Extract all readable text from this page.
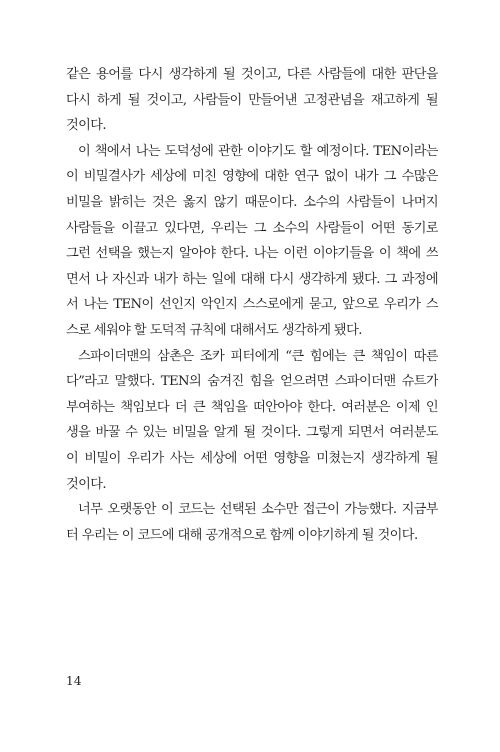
같은 용어를 다시 생각하게 될 것이고, 다른 사람들에 대한 판단을
다시 하게 될 것이고, 사람들이 만들어낸 고정관념을 재고하게 될
것이다.
이 책에서 나는 도덕성에 관한 이야기도 할 예정이다. TEN이라는
이 비밀결사가 세상에 미친 영향에 대한 연구 없이 내가 그 수많은
비밀을 밝히는 것은 옳지 않기 때문이다. 소수의 사람들이 나머지
사람들을 이끌고 있다면, 우리는 그 소수의 사람들이 어떤 동기로
그런 선택을 했는지 알아야 한다. 나는 이런 이야기들을 이 책에 쓰
면서 나 자신과 내가 하는 일에 대해 다시 생각하게 됐다. 그 과정에
서 나는 TEN이 선인지 악인지 스스로에게 묻고, 앞으로 우리가 스
스로 세워야 할 도덕적 규칙에 대해서도 생각하게 됐다.
스파이더맨의 삼촌은 조카 피터에게 “큰 힘에는 큰 책임이 따른
다”라고 말했다. TEN의 숨겨진 힘을 얻으려면 스파이더맨 슈트가
부여하는 책임보다 더 큰 책임을 떠안아야 한다. 여러분은 이제 인
생을 바꿀 수 있는 비밀을 알게 될 것이다. 그렇게 되면서 여러분도
이 비밀이 우리가 사는 세상에 어떤 영향을 미쳤는지 생각하게 될
것이다.
너무 오랫동안 이 코드는 선택된 소수만 접근이 가능했다. 지금부
터 우리는 이 코드에 대해 공개적으로 함께 이야기하게 될 것이다.
14
